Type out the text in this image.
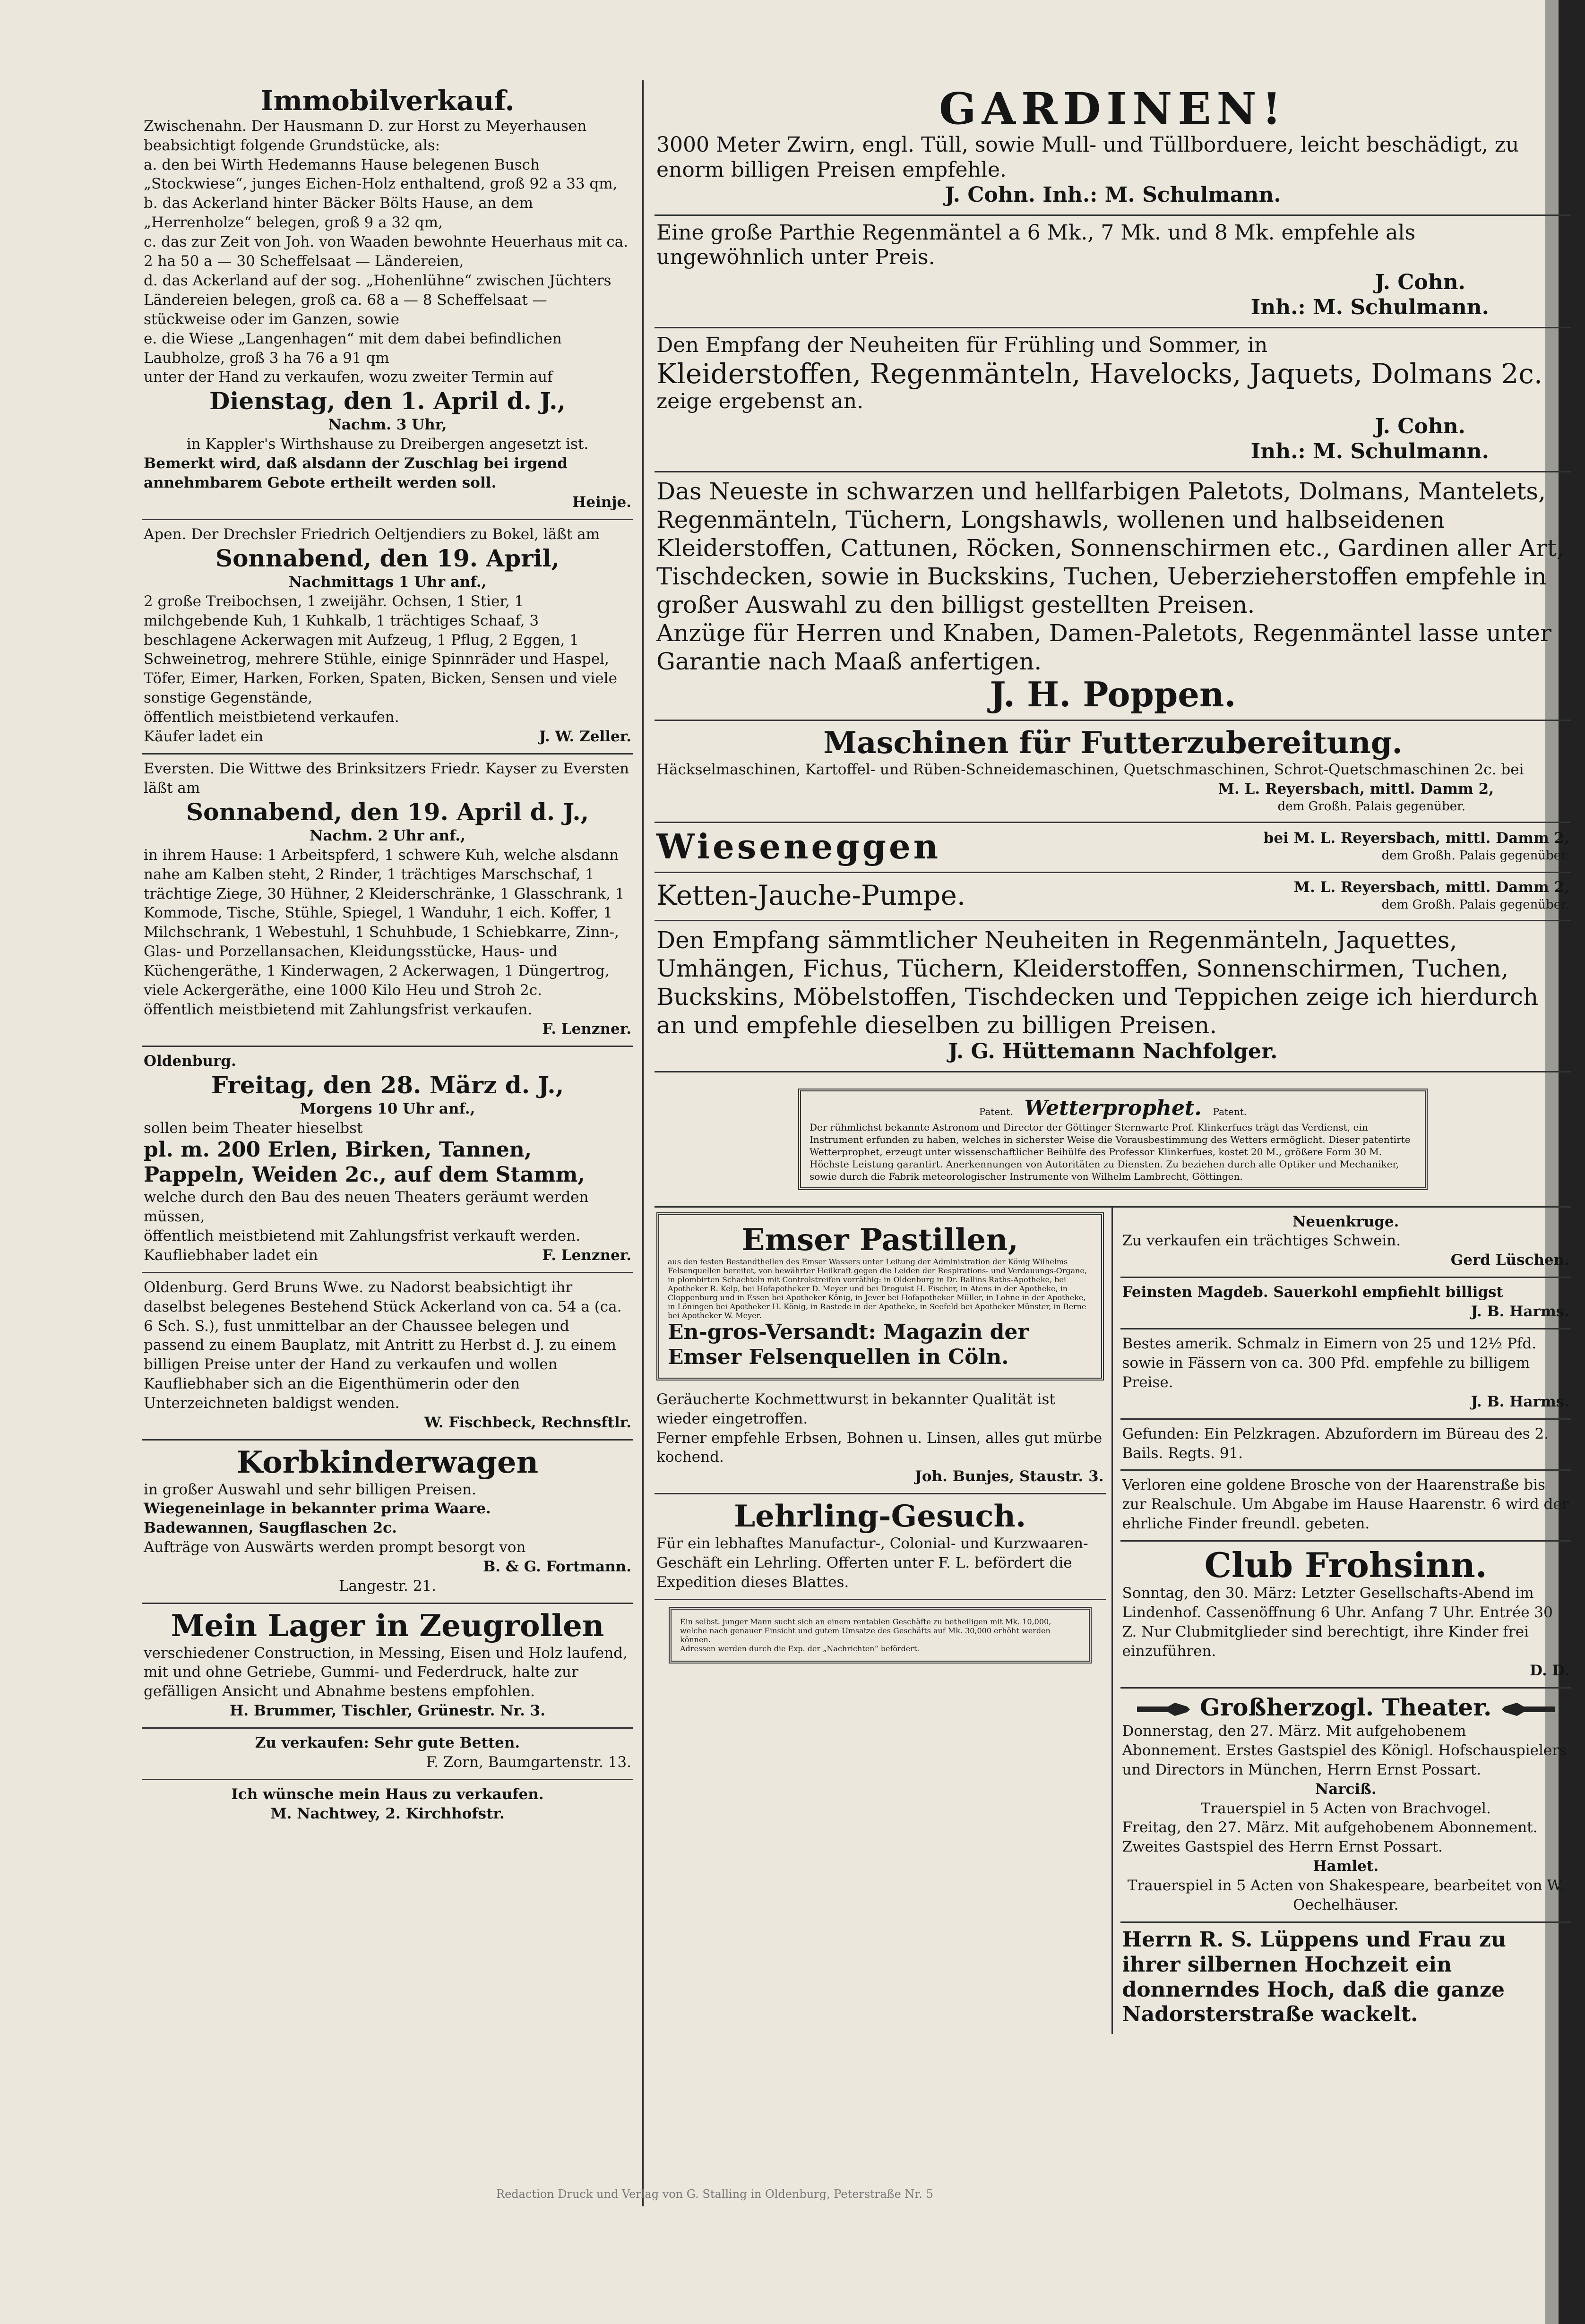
Immobilverkauf.

Zwischenahn. Der Hausmann D. zur Horst zu Meyerhausen beabsichtigt folgende Grundstücke, als:

a. den bei Wirth Hedemanns Hause belegenen Busch „Stockwiese“, junges Eichen-Holz enthaltend, groß 92 a 33 qm,

b. das Ackerland hinter Bäcker Bölts Hause, an dem „Herrenholze“ belegen, groß 9 a 32 qm,

c. das zur Zeit von Joh. von Waaden bewohnte Heuerhaus mit ca. 2 ha 50 a — 30 Scheffelsaat — Ländereien,

d. das Ackerland auf der sog. „Hohenlühne“ zwischen Jüchters Ländereien belegen, groß ca. 68 a — 8 Scheffelsaat — stückweise oder im Ganzen, sowie

e. die Wiese „Langenhagen“ mit dem dabei befindlichen Laubholze, groß 3 ha 76 a 91 qm

unter der Hand zu verkaufen, wozu zweiter Termin auf

Dienstag, den 1. April d. J.,

Nachm. 3 Uhr,

in Kappler's Wirthshause zu Dreibergen angesetzt ist.

Bemerkt wird, daß alsdann der Zuschlag bei irgend annehmbarem Gebote ertheilt werden soll.

Heinje.

Apen. Der Drechsler Friedrich Oeltjendiers zu Bokel, läßt am

Sonnabend, den 19. April,

Nachmittags 1 Uhr anf.,

2 große Treibochsen, 1 zweijähr. Ochsen, 1 Stier, 1 milchgebende Kuh, 1 Kuhkalb, 1 trächtiges Schaaf, 3 beschlagene Ackerwagen mit Aufzeug, 1 Pflug, 2 Eggen, 1 Schweinetrog, mehrere Stühle, einige Spinnräder und Haspel, Töfer, Eimer, Harken, Forken, Spaten, Bicken, Sensen und viele sonstige Gegenstände,

öffentlich meistbietend verkaufen.

Käufer ladet ein	J. W. Zeller.

Eversten. Die Wittwe des Brinksitzers Friedr. Kayser zu Eversten läßt am

Sonnabend, den 19. April d. J.,

Nachm. 2 Uhr anf.,

in ihrem Hause: 1 Arbeitspferd, 1 schwere Kuh, welche alsdann nahe am Kalben steht, 2 Rinder, 1 trächtiges Marschschaf, 1 trächtige Ziege, 30 Hühner, 2 Kleiderschränke, 1 Glasschrank, 1 Kommode, Tische, Stühle, Spiegel, 1 Wanduhr, 1 eich. Koffer, 1 Milchschrank, 1 Webestuhl, 1 Schuhbude, 1 Schiebkarre, Zinn-, Glas- und Porzellansachen, Kleidungsstücke, Haus- und Küchengeräthe, 1 Kinderwagen, 2 Ackerwagen, 1 Düngertrog, viele Ackergeräthe, eine 1000 Kilo Heu und Stroh 2c.

öffentlich meistbietend mit Zahlungsfrist verkaufen.

F. Lenzner.

Oldenburg.

Freitag, den 28. März d. J.,

Morgens 10 Uhr anf.,

sollen beim Theater hieselbst

pl. m. 200 Erlen, Birken, Tannen, Pappeln, Weiden 2c., auf dem Stamm,

welche durch den Bau des neuen Theaters geräumt werden müssen,

öffentlich meistbietend mit Zahlungsfrist verkauft werden.

Kaufliebhaber ladet ein	F. Lenzner.

Oldenburg. Gerd Bruns Wwe. zu Nadorst beabsichtigt ihr daselbst belegenes Bestehend Stück Ackerland von ca. 54 a (ca. 6 Sch. S.), fust unmittelbar an der Chaussee belegen und passend zu einem Bauplatz, mit Antritt zu Herbst d. J. zu einem billigen Preise unter der Hand zu verkaufen und wollen Kaufliebhaber sich an die Eigenthümerin oder den Unterzeichneten baldigst wenden.

W. Fischbeck, Rechnsftlr.

Korbkinderwagen

in großer Auswahl und sehr billigen Preisen.

Wiegeneinlage in bekannter prima Waare.

Badewannen, Saugflaschen 2c.

Aufträge von Auswärts werden prompt besorgt von

B. & G. Fortmann.

Langestr. 21.

Mein Lager in Zeugrollen

verschiedener Construction, in Messing, Eisen und Holz laufend, mit und ohne Getriebe, Gummi- und Federdruck, halte zur gefälligen Ansicht und Abnahme bestens empfohlen.

H. Brummer, Tischler, Grünestr. Nr. 3.

Zu verkaufen: Sehr gute Betten.

F. Zorn, Baumgartenstr. 13.

Ich wünsche mein Haus zu verkaufen.

M. Nachtwey, 2. Kirchhofstr.

GARDINEN!

3000 Meter Zwirn, engl. Tüll, sowie Mull- und Tüllborduere, leicht beschädigt, zu enorm billigen Preisen empfehle.

J. Cohn. Inh.: M. Schulmann.

Eine große Parthie Regenmäntel a 6 Mk., 7 Mk. und 8 Mk. empfehle als ungewöhnlich unter Preis.

J. Cohn.

Inh.: M. Schulmann.

Den Empfang der Neuheiten für Frühling und Sommer, in

Kleiderstoffen, Regenmänteln, Havelocks, Jaquets, Dolmans 2c.

zeige ergebenst an.

J. Cohn.

Inh.: M. Schulmann.

Das Neueste in schwarzen und hellfarbigen Paletots, Dolmans, Mantelets, Regenmänteln, Tüchern, Longshawls, wollenen und halbseidenen Kleiderstoffen, Cattunen, Röcken, Sonnenschirmen etc., Gardinen aller Art, Tischdecken, sowie in Buckskins, Tuchen, Ueberzieherstoffen empfehle in großer Auswahl zu den billigst gestellten Preisen.

Anzüge für Herren und Knaben, Damen-Paletots, Regenmäntel lasse unter Garantie nach Maaß anfertigen.

J. H. Poppen.

Maschinen für Futterzubereitung.

Häckselmaschinen, Kartoffel- und Rüben-Schneidemaschinen, Quetschmaschinen, Schrot-Quetschmaschinen 2c. bei

M. L. Reyersbach, mittl. Damm 2,

dem Großh. Palais gegenüber.

Wieseneggen	bei M. L. Reyersbach, mittl. Damm 2,
dem Großh. Palais gegenüber.
Ketten-Jauche-Pumpe.	M. L. Reyersbach, mittl. Damm 2,
dem Großh. Palais gegenüber.

Den Empfang sämmtlicher Neuheiten in Regenmänteln, Jaquettes, Umhängen, Fichus, Tüchern, Kleiderstoffen, Sonnenschirmen, Tuchen, Buckskins, Möbelstoffen, Tischdecken und Teppichen zeige ich hierdurch an und empfehle dieselben zu billigen Preisen.

J. G. Hüttemann Nachfolger.

Patent. Wetterprophet. Patent.

Der rühmlichst bekannte Astronom und Director der Göttinger Sternwarte Prof. Klinkerfues trägt das Verdienst, ein Instrument erfunden zu haben, welches in sicherster Weise die Vorausbestimmung des Wetters ermöglicht. Dieser patentirte Wetterprophet, erzeugt unter wissenschaftlicher Beihülfe des Professor Klinkerfues, kostet 20 M., größere Form 30 M. Höchste Leistung garantirt. Anerkennungen von Autoritäten zu Diensten. Zu beziehen durch alle Optiker und Mechaniker, sowie durch die Fabrik meteorologischer Instrumente von Wilhelm Lambrecht, Göttingen.

Emser Pastillen,

aus den festen Bestandtheilen des Emser Wassers unter Leitung der Administration der König Wilhelms Felsenquellen bereitet, von bewährter Heilkraft gegen die Leiden der Respirations- und Verdauungs-Organe, in plombirten Schachteln mit Controlstreifen vorräthig: in Oldenburg in Dr. Ballins Raths-Apotheke, bei Apotheker R. Kelp, bei Hofapotheker D. Meyer und bei Droguist H. Fischer, in Atens in der Apotheke, in Cloppenburg und in Essen bei Apotheker König, in Jever bei Hofapotheker Müller, in Lohne in der Apotheke, in Löningen bei Apotheker H. König, in Rastede in der Apotheke, in Seefeld bei Apotheker Münster, in Berne bei Apotheker W. Meyer.

En-gros-Versandt: Magazin der Emser Felsenquellen in Cöln.

Geräucherte Kochmettwurst in bekannter Qualität ist wieder eingetroffen.

Ferner empfehle Erbsen, Bohnen u. Linsen, alles gut mürbe kochend.

Joh. Bunjes, Staustr. 3.

Lehrling-Gesuch.

Für ein lebhaftes Manufactur-, Colonial- und Kurzwaaren-Geschäft ein Lehrling. Offerten unter F. L. befördert die Expedition dieses Blattes.

Ein selbst. junger Mann sucht sich an einem rentablen Geschäfte zu betheiligen mit Mk. 10,000, welche nach genauer Einsicht und gutem Umsatze des Geschäfts auf Mk. 30,000 erhöht werden können.

Adressen werden durch die Exp. der „Nachrichten“ befördert.

Neuenkruge.

Zu verkaufen ein trächtiges Schwein.

Gerd Lüschen.

Feinsten Magdeb. Sauerkohl empfiehlt billigst

J. B. Harms.

Bestes amerik. Schmalz in Eimern von 25 und 12½ Pfd. sowie in Fässern von ca. 300 Pfd. empfehle zu billigem Preise.

J. B. Harms.

Gefunden: Ein Pelzkragen. Abzufordern im Büreau des 2. Bails. Regts. 91.

Verloren eine goldene Brosche von der Haarenstraße bis zur Realschule. Um Abgabe im Hause Haarenstr. 6 wird der ehrliche Finder freundl. gebeten.

Club Frohsinn.

Sonntag, den 30. März: Letzter Gesellschafts-Abend im Lindenhof. Cassenöffnung 6 Uhr. Anfang 7 Uhr. Entrée 30 Z. Nur Clubmitglieder sind berechtigt, ihre Kinder frei einzuführen.

D. D.

Großherzogl. Theater.

Donnerstag, den 27. März. Mit aufgehobenem Abonnement. Erstes Gastspiel des Königl. Hofschauspielers und Directors in München, Herrn Ernst Possart.

Narciß.

Trauerspiel in 5 Acten von Brachvogel.

Freitag, den 27. März. Mit aufgehobenem Abonnement. Zweites Gastspiel des Herrn Ernst Possart.

Hamlet.

Trauerspiel in 5 Acten von Shakespeare, bearbeitet von W. Oechelhäuser.

Herrn R. S. Lüppens und Frau zu ihrer silbernen Hochzeit ein donnerndes Hoch, daß die ganze Nadorsterstraße wackelt.

Redaction Druck und Verlag von G. Stalling in Oldenburg, Peterstraße Nr. 5
